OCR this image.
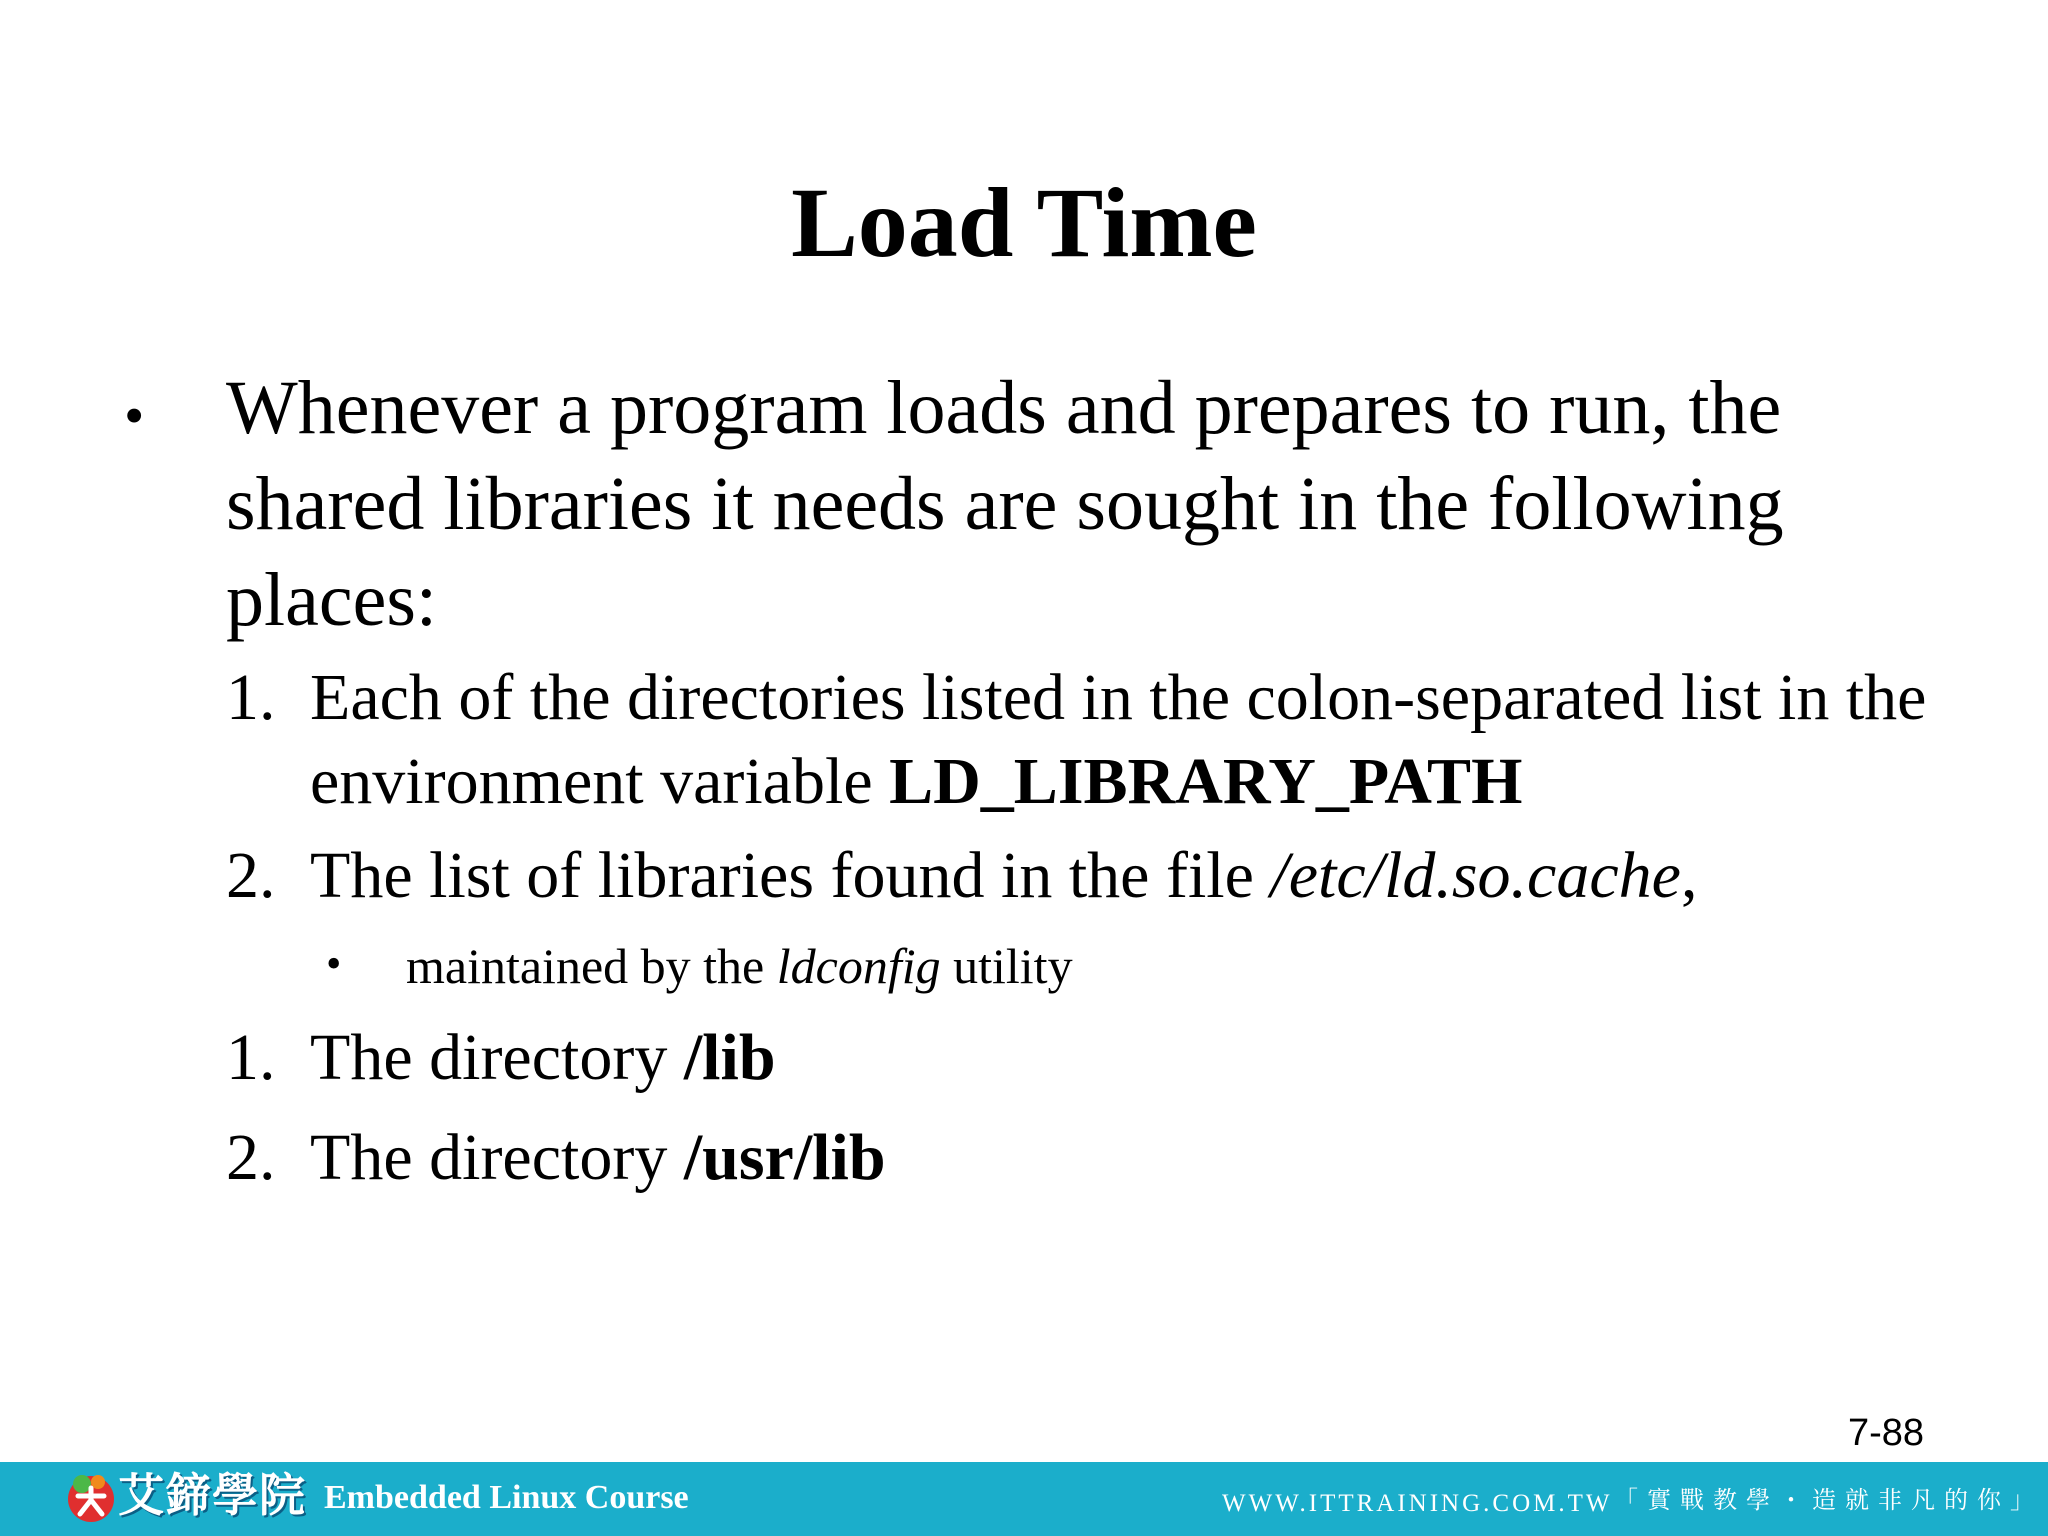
Load Time
• Whenever a program loads and prepares to run, the shared libraries it needs are sought in the following places:
1. Each of the directories listed in the colon-separated list in the environment variable LD_LIBRARY_PATH
2. The list of libraries found in the file /etc/ld.so.cache,
• maintained by the ldconfig utility
1. The directory /lib
2. The directory /usr/lib
7-88
艾鍗學院 Embedded Linux Course	WWW.ITTRAINING.COM.TW 「實戰教學・造就非凡的你」
